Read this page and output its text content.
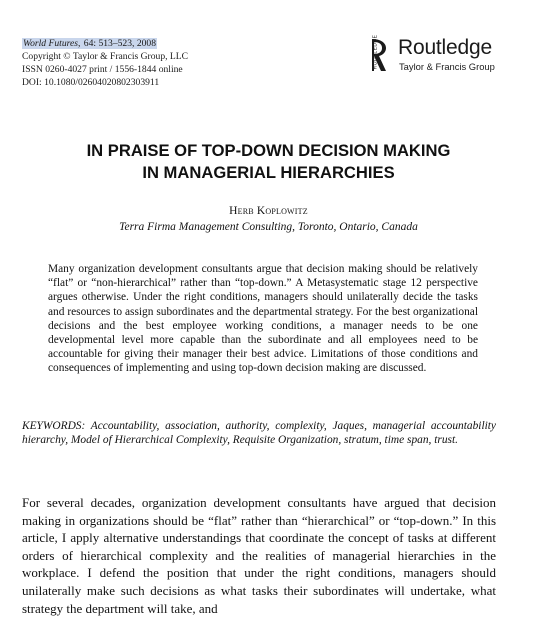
World Futures, 64: 513–523, 2008
Copyright © Taylor & Francis Group, LLC
ISSN 0260-4027 print / 1556-1844 online
DOI: 10.1080/02604020802303911
ROUTLEDGE Routledge
Taylor & Francis Group
IN PRAISE OF TOP-DOWN DECISION MAKING
IN MANAGERIAL HIERARCHIES
Herb Koplowitz
Terra Firma Management Consulting, Toronto, Ontario, Canada
Many organization development consultants argue that decision making should be relatively “flat” or “non-hierarchical” rather than “top-down.” A Metasystematic stage 12 perspective argues otherwise. Under the right conditions, managers should unilaterally decide the tasks and resources to assign subordinates and the departmental strategy. For the best organizational decisions and the best employee working conditions, a manager needs to be one developmental level more capable than the subordinate and all employees need to be accountable for giving their manager their best advice. Limitations of those conditions and consequences of implementing and using top-down decision making are discussed.
KEYWORDS: Accountability, association, authority, complexity, Jaques, managerial accountability hierarchy, Model of Hierarchical Complexity, Requisite Organization, stratum, time span, trust.
For several decades, organization development consultants have argued that decision making in organizations should be “flat” rather than “hierarchical” or “top-down.” In this article, I apply alternative understandings that coordinate the concept of tasks at different orders of hierarchical complexity and the realities of managerial hierarchies in the workplace. I defend the position that under the right conditions, managers should unilaterally make such decisions as what tasks their subordinates will undertake, what strategy the department will take, and
